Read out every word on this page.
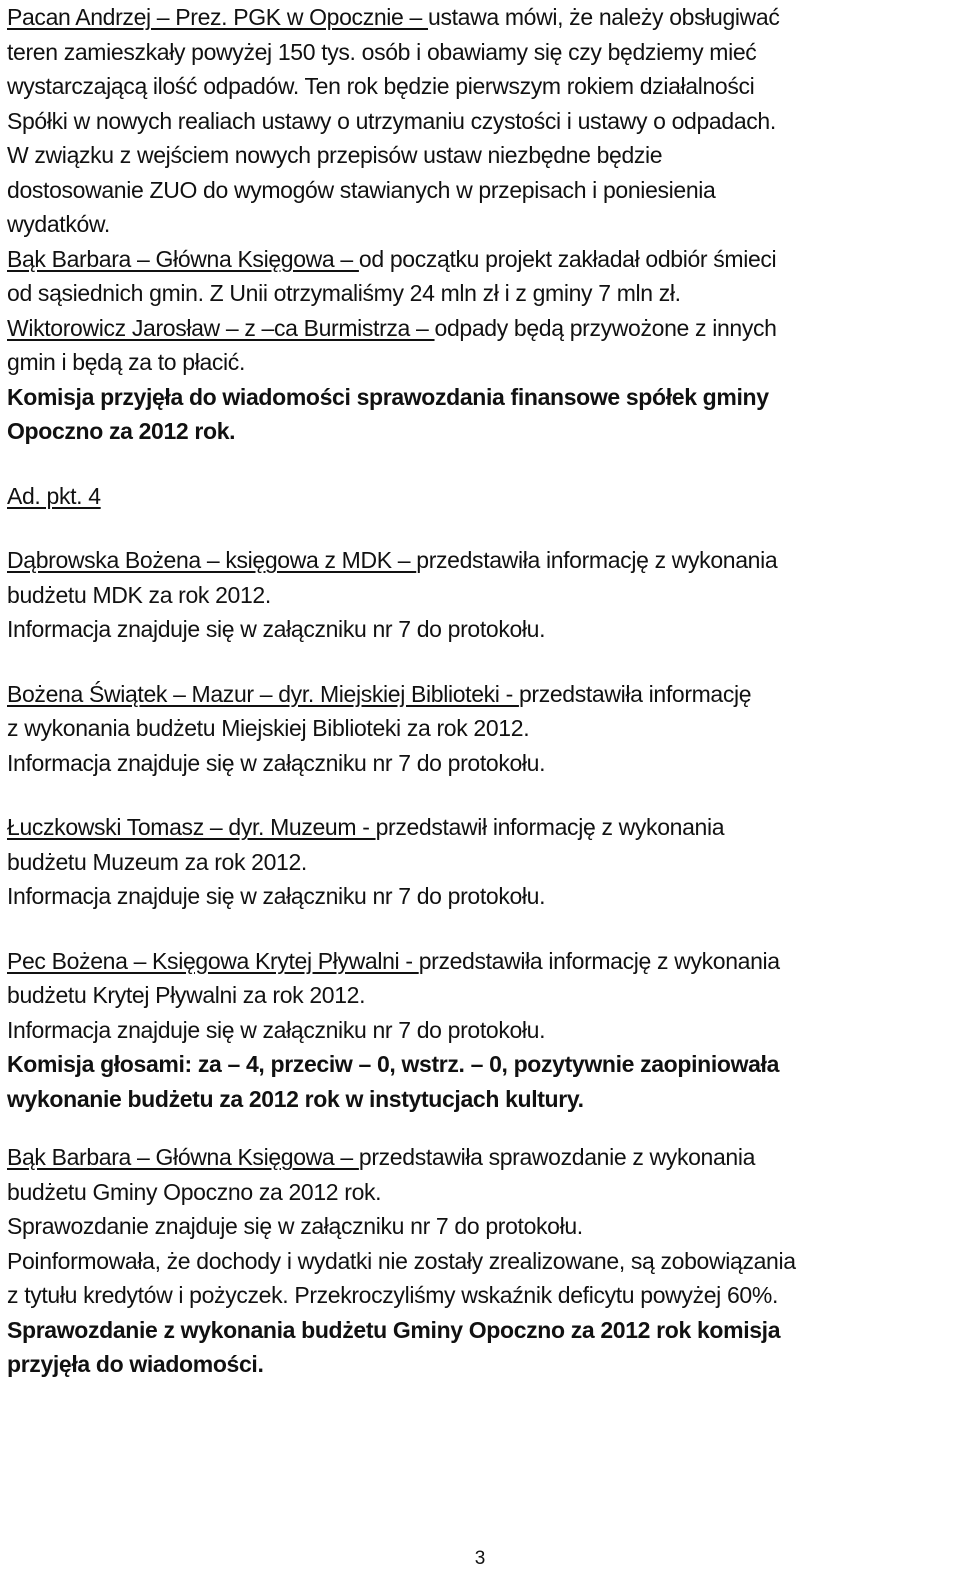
Pacan Andrzej – Prez. PGK w Opocznie – ustawa mówi, że należy obsługiwać
teren zamieszkały powyżej 150 tys. osób i obawiamy się czy będziemy mieć
wystarczającą ilość odpadów. Ten rok będzie pierwszym rokiem działalności
Spółki w nowych realiach ustawy o utrzymaniu czystości i ustawy o odpadach.
W związku z wejściem nowych przepisów ustaw niezbędne będzie
dostosowanie ZUO do wymogów stawianych w przepisach i poniesienia
wydatków.
Bąk Barbara – Główna Księgowa – od początku projekt zakładał odbiór śmieci
od sąsiednich gmin. Z Unii otrzymaliśmy 24 mln zł i z gminy 7 mln zł.
Wiktorowicz Jarosław – z –ca Burmistrza – odpady będą przywożone z innych
gmin i będą za to płacić.
Komisja przyjęła do wiadomości sprawozdania finansowe spółek gminy
Opoczno za 2012 rok.
Ad. pkt. 4
Dąbrowska Bożena – księgowa z MDK – przedstawiła informację z wykonania
budżetu MDK za rok 2012.
Informacja znajduje się w załączniku nr 7 do protokołu.
Bożena Świątek – Mazur – dyr. Miejskiej Biblioteki - przedstawiła informację
z wykonania budżetu Miejskiej Biblioteki za rok 2012.
Informacja znajduje się w załączniku nr 7 do protokołu.
Łuczkowski Tomasz – dyr. Muzeum - przedstawił informację z wykonania
budżetu Muzeum za rok 2012.
Informacja znajduje się w załączniku nr 7 do protokołu.
Pec Bożena – Księgowa Krytej Pływalni - przedstawiła informację z wykonania
budżetu Krytej Pływalni za rok 2012.
Informacja znajduje się w załączniku nr 7 do protokołu.
Komisja głosami: za – 4, przeciw – 0, wstrz. – 0, pozytywnie zaopiniowała
wykonanie budżetu za 2012 rok w instytucjach kultury.
Bąk Barbara – Główna Księgowa – przedstawiła sprawozdanie z wykonania
budżetu Gminy Opoczno za 2012 rok.
Sprawozdanie znajduje się w załączniku nr 7 do protokołu.
Poinformowała, że dochody i wydatki nie zostały zrealizowane, są zobowiązania
z tytułu kredytów i pożyczek. Przekroczyliśmy wskaźnik deficytu powyżej 60%.
Sprawozdanie z wykonania budżetu Gminy Opoczno za 2012 rok komisja
przyjęła do wiadomości.
3
